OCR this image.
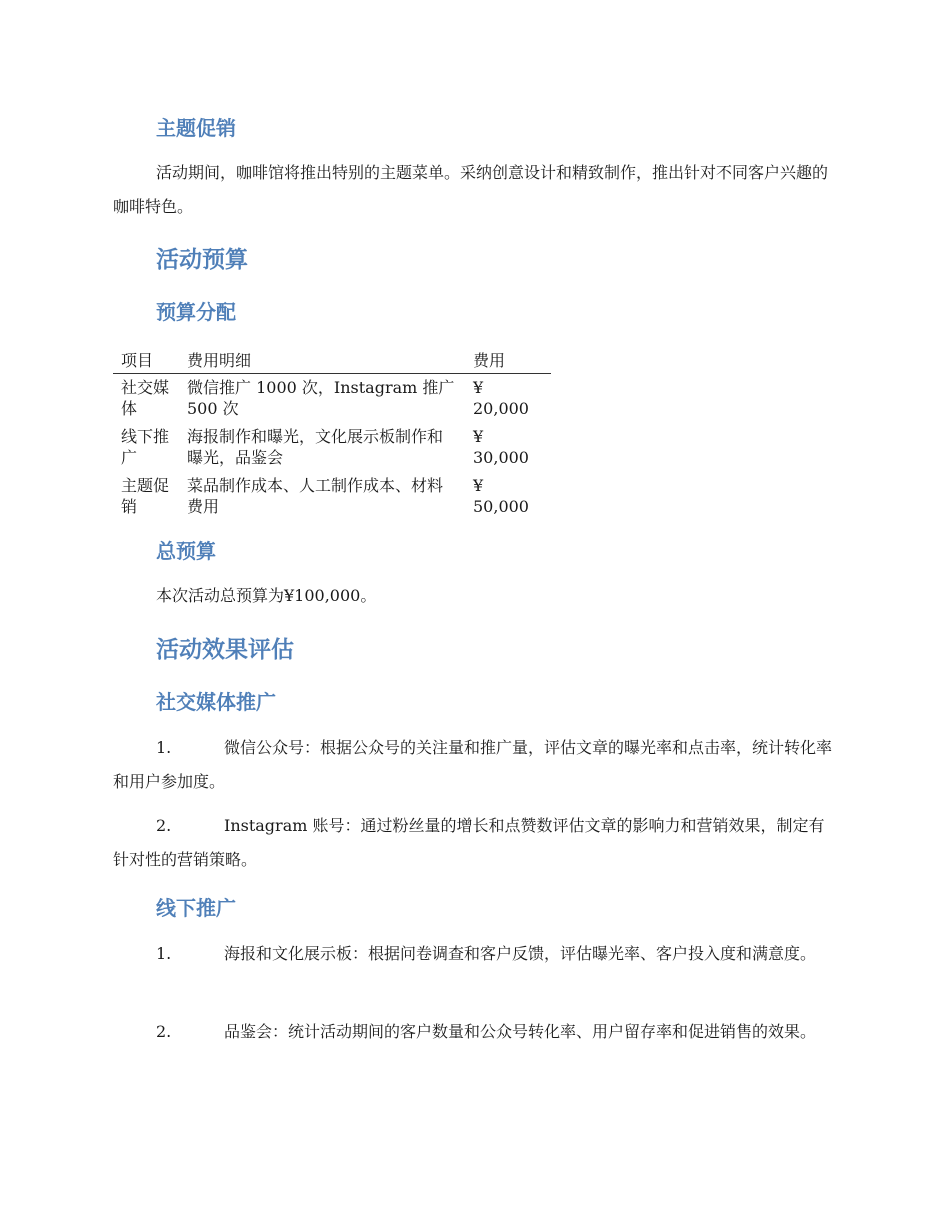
主题促销

活动期间，咖啡馆将推出特别的主题菜单。采纳创意设计和精致制作，推出针对不同客户兴趣的咖啡特色。

活动预算
预算分配
项目	费用明细	费用
社交媒体	微信推广 1000 次，Instagram 推广 500 次	¥ 20,000
线下推广	海报制作和曝光，文化展示板制作和曝光，品鉴会	¥ 30,000
主题促销	菜品制作成本、人工制作成本、材料费用	¥ 50,000
总预算

本次活动总预算为¥100,000。

活动效果评估
社交媒体推广
1.	微信公众号：根据公众号的关注量和推广量，评估文章的曝光率和点击率，统计转化率和用户参加度。

2.	Instagram 账号：通过粉丝量的增长和点赞数评估文章的影响力和营销效果，制定有针对性的营销策略。

线下推广
1.	海报和文化展示板：根据问卷调查和客户反馈，评估曝光率、客户投入度和满意度。

2.	品鉴会：统计活动期间的客户数量和公众号转化率、用户留存率和促进销售的效果。
